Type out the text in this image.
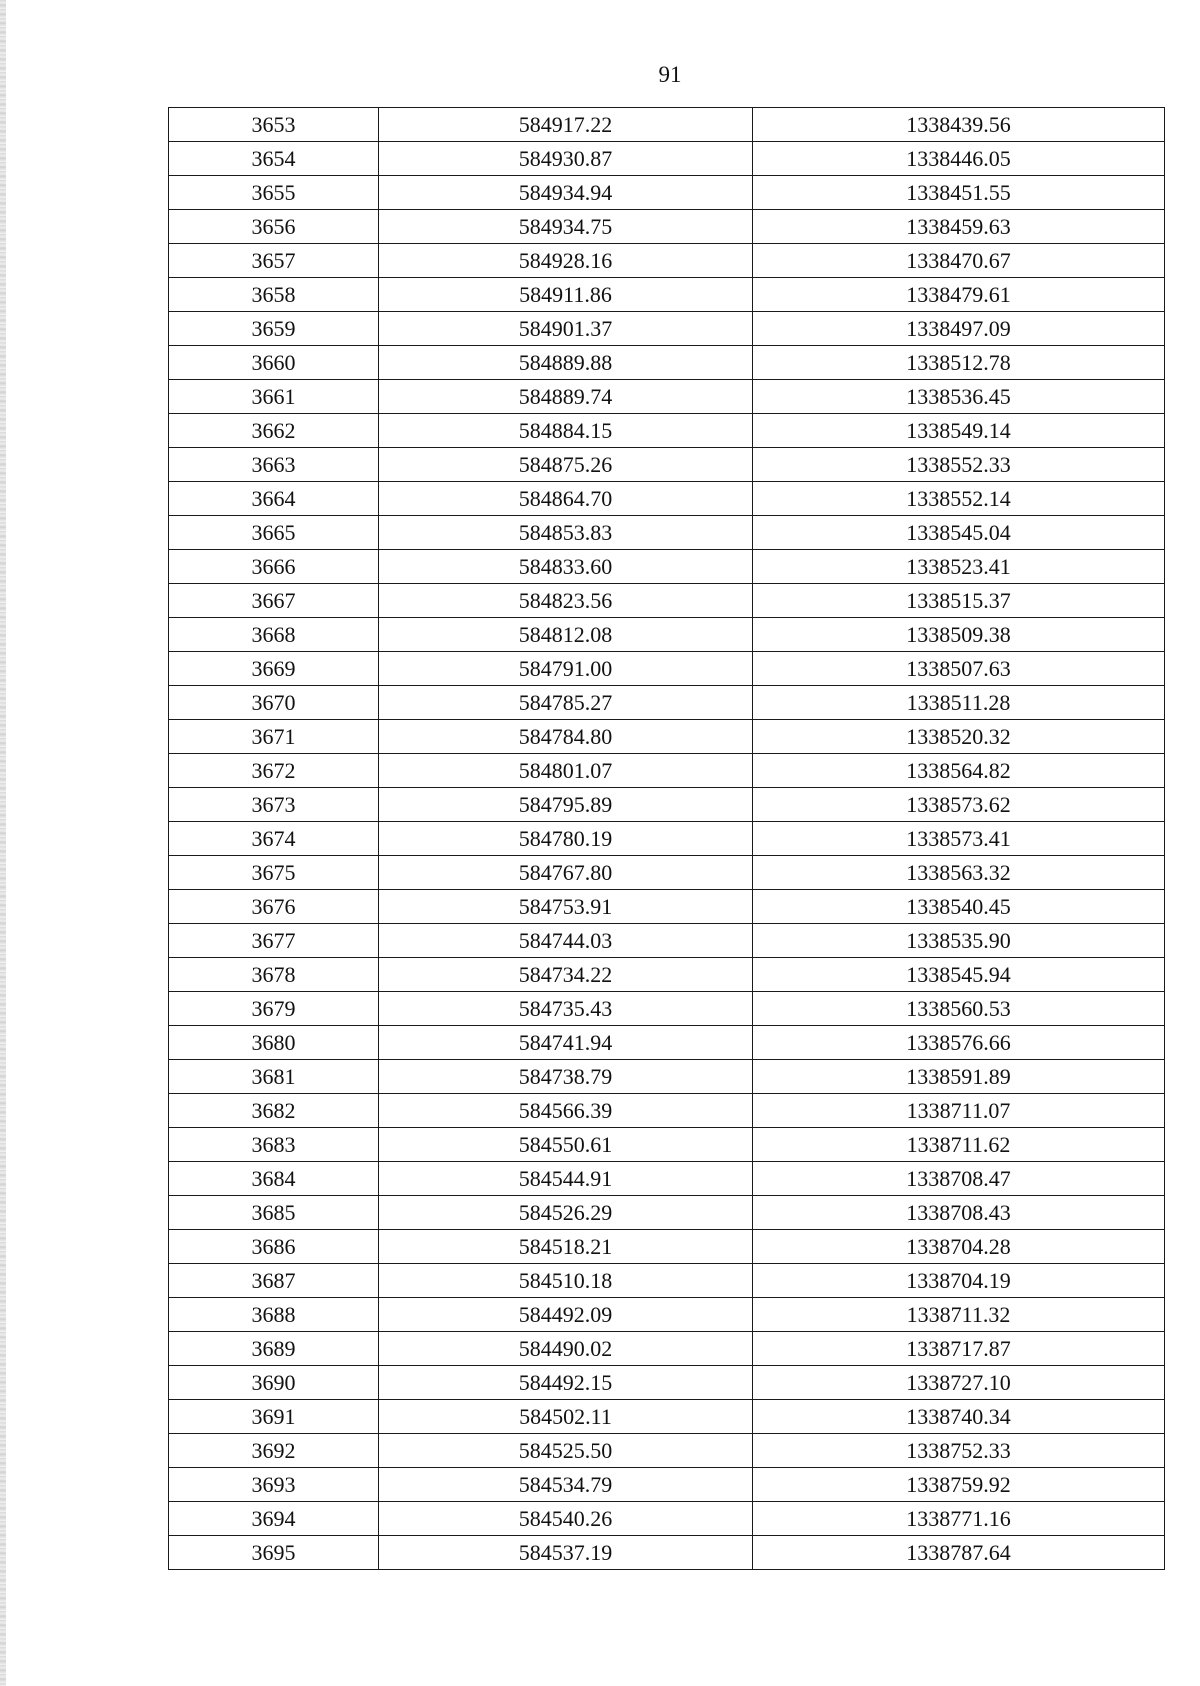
91
3653	584917.22	1338439.56
3654	584930.87	1338446.05
3655	584934.94	1338451.55
3656	584934.75	1338459.63
3657	584928.16	1338470.67
3658	584911.86	1338479.61
3659	584901.37	1338497.09
3660	584889.88	1338512.78
3661	584889.74	1338536.45
3662	584884.15	1338549.14
3663	584875.26	1338552.33
3664	584864.70	1338552.14
3665	584853.83	1338545.04
3666	584833.60	1338523.41
3667	584823.56	1338515.37
3668	584812.08	1338509.38
3669	584791.00	1338507.63
3670	584785.27	1338511.28
3671	584784.80	1338520.32
3672	584801.07	1338564.82
3673	584795.89	1338573.62
3674	584780.19	1338573.41
3675	584767.80	1338563.32
3676	584753.91	1338540.45
3677	584744.03	1338535.90
3678	584734.22	1338545.94
3679	584735.43	1338560.53
3680	584741.94	1338576.66
3681	584738.79	1338591.89
3682	584566.39	1338711.07
3683	584550.61	1338711.62
3684	584544.91	1338708.47
3685	584526.29	1338708.43
3686	584518.21	1338704.28
3687	584510.18	1338704.19
3688	584492.09	1338711.32
3689	584490.02	1338717.87
3690	584492.15	1338727.10
3691	584502.11	1338740.34
3692	584525.50	1338752.33
3693	584534.79	1338759.92
3694	584540.26	1338771.16
3695	584537.19	1338787.64
